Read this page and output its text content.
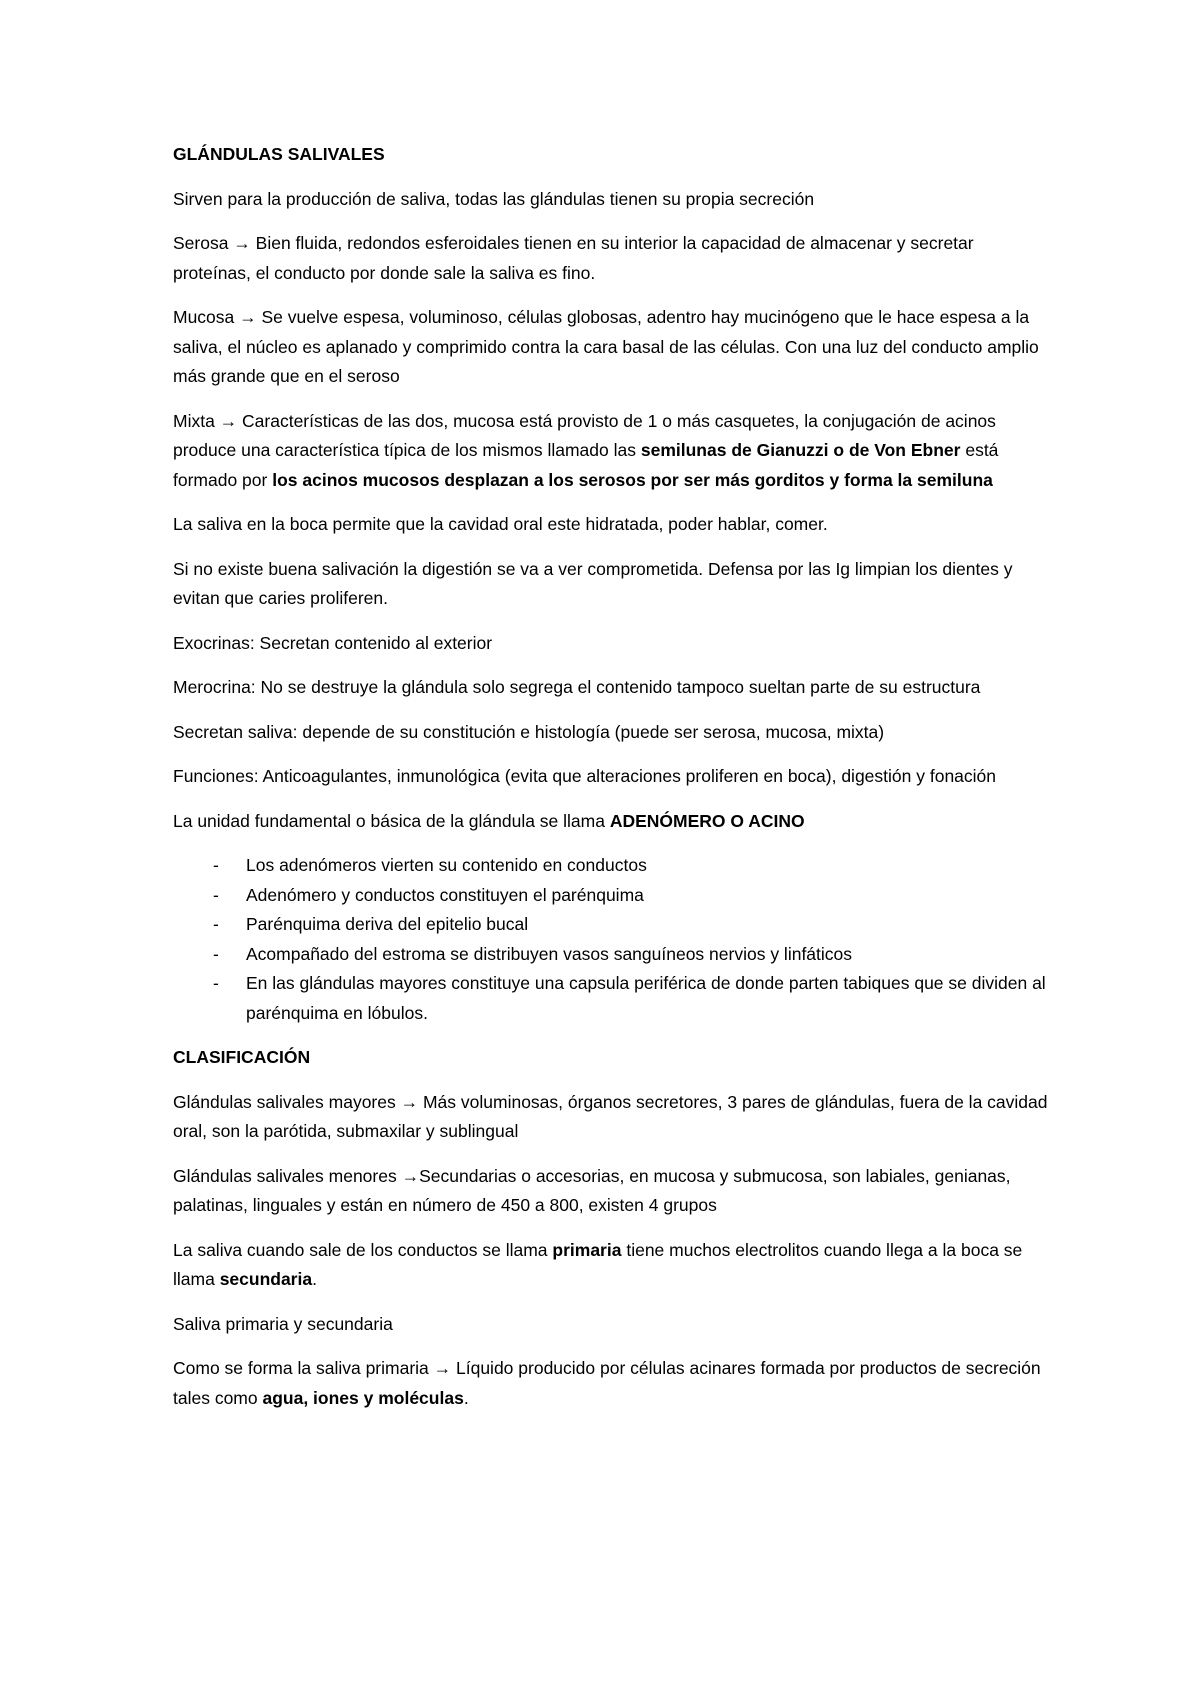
GLÁNDULAS SALIVALES
Sirven para la producción de saliva, todas las glándulas tienen su propia secreción
Serosa → Bien fluida, redondos esferoidales tienen en su interior la capacidad de almacenar y secretar proteínas, el conducto por donde sale la saliva es fino.
Mucosa → Se vuelve espesa, voluminoso, células globosas, adentro hay mucinógeno que le hace espesa a la saliva, el núcleo es aplanado y comprimido contra la cara basal de las células. Con una luz del conducto amplio más grande que en el seroso
Mixta → Características de las dos, mucosa está provisto de 1 o más casquetes, la conjugación de acinos produce una característica típica de los mismos llamado las semilunas de Gianuzzi o de Von Ebner está formado por los acinos mucosos desplazan a los serosos por ser más gorditos y forma la semiluna
La saliva en la boca permite que la cavidad oral este hidratada, poder hablar, comer.
Si no existe buena salivación la digestión se va a ver comprometida. Defensa por las Ig limpian los dientes y evitan que caries proliferen.
Exocrinas: Secretan contenido al exterior
Merocrina: No se destruye la glándula solo segrega el contenido tampoco sueltan parte de su estructura
Secretan saliva: depende de su constitución e histología (puede ser serosa, mucosa, mixta)
Funciones: Anticoagulantes, inmunológica (evita que alteraciones proliferen en boca), digestión y fonación
La unidad fundamental o básica de la glándula se llama ADENÓMERO O ACINO
- Los adenómeros vierten su contenido en conductos
- Adenómero y conductos constituyen el parénquima
- Parénquima deriva del epitelio bucal
- Acompañado del estroma se distribuyen vasos sanguíneos nervios y linfáticos
- En las glándulas mayores constituye una capsula periférica de donde parten tabiques que se dividen al parénquima en lóbulos.
CLASIFICACIÓN
Glándulas salivales mayores → Más voluminosas, órganos secretores, 3 pares de glándulas, fuera de la cavidad oral, son la parótida, submaxilar y sublingual
Glándulas salivales menores →Secundarias o accesorias, en mucosa y submucosa, son labiales, genianas, palatinas, linguales y están en número de 450 a 800, existen 4 grupos
La saliva cuando sale de los conductos se llama primaria tiene muchos electrolitos cuando llega a la boca se llama secundaria.
Saliva primaria y secundaria
Como se forma la saliva primaria → Líquido producido por células acinares formada por productos de secreción tales como agua, iones y moléculas.
